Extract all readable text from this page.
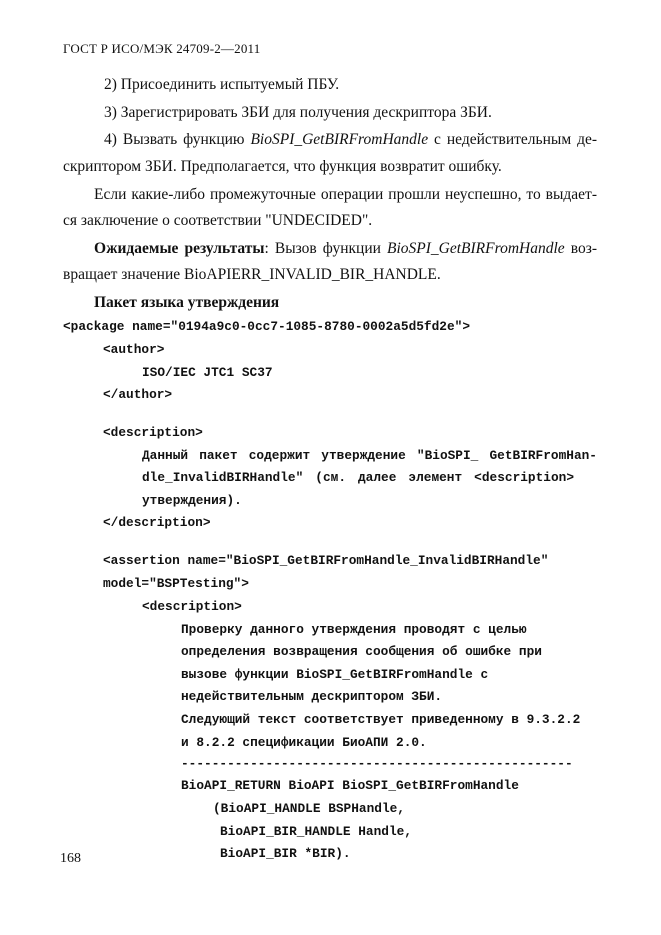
ГОСТ Р ИСО/МЭК 24709-2—2011
2) Присоединить испытуемый ПБУ.
3) Зарегистрировать ЗБИ для получения дескриптора ЗБИ.
4) Вызвать функцию BioSPI_GetBIRFromHandle с недействительным де-
скриптором ЗБИ. Предполагается, что функция возвратит ошибку.
Если какие-либо промежуточные операции прошли неуспешно, то выдает-
ся заключение о соответствии "UNDECIDED".
Ожидаемые результаты: Вызов функции BioSPI_GetBIRFromHandle воз-
вращает значение BioAPIERR_INVALID_BIR_HANDLE.
Пакет языка утверждения
<package name="0194a9c0-0cc7-1085-8780-0002a5d5fd2e">
<author>
ISO/IEC JTC1 SC37
</author>
<description>
Данный пакет содержит утверждение "BioSPI_ GetBIRFromHan-
dle_InvalidBIRHandle" (см. далее элемент <description>
утверждения).
</description>
<assertion name="BioSPI_GetBIRFromHandle_InvalidBIRHandle"
model="BSPTesting">
<description>
Проверку данного утверждения проводят с целью
определения возвращения сообщения об ошибке при
вызове функции BioSPI_GetBIRFromHandle с
недействительным дескриптором ЗБИ.
Следующий текст соответствует приведенному в 9.3.2.2
и 8.2.2 спецификации БиоАПИ 2.0.
---------------------------------------------------
BioAPI_RETURN BioAPI BioSPI_GetBIRFromHandle
(BioAPI_HANDLE BSPHandle,
BioAPI_BIR_HANDLE Handle,
BioAPI_BIR *BIR).
168
